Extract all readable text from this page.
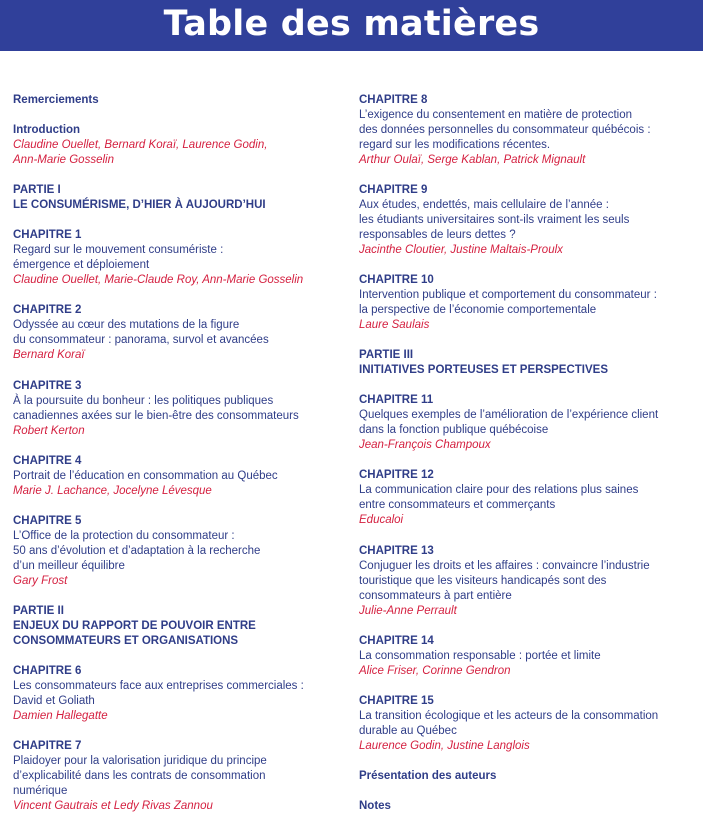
Table des matières
Remerciements
Introduction
Claudine Ouellet, Bernard Koraï, Laurence Godin,
Ann-Marie Gosselin
PARTIE I
LE CONSUMÉRISME, D’HIER À AUJOURD’HUI
CHAPITRE 1
Regard sur le mouvement consumériste :
émergence et déploiement
Claudine Ouellet, Marie-Claude Roy, Ann-Marie Gosselin
CHAPITRE 2
Odyssée au cœur des mutations de la figure
du consommateur : panorama, survol et avancées
Bernard Koraï
CHAPITRE 3
À la poursuite du bonheur : les politiques publiques
canadiennes axées sur le bien-être des consommateurs
Robert Kerton
CHAPITRE 4
Portrait de l’éducation en consommation au Québec
Marie J. Lachance, Jocelyne Lévesque
CHAPITRE 5
L’Office de la protection du consommateur :
50 ans d’évolution et d’adaptation à la recherche
d’un meilleur équilibre
Gary Frost
PARTIE II
ENJEUX DU RAPPORT DE POUVOIR ENTRE
CONSOMMATEURS ET ORGANISATIONS
CHAPITRE 6
Les consommateurs face aux entreprises commerciales :
David et Goliath
Damien Hallegatte
CHAPITRE 7
Plaidoyer pour la valorisation juridique du principe
d’explicabilité dans les contrats de consommation
numérique
Vincent Gautrais et Ledy Rivas Zannou
CHAPITRE 8
L’exigence du consentement en matière de protection
des données personnelles du consommateur québécois :
regard sur les modifications récentes.
Arthur Oulaï, Serge Kablan, Patrick Mignault
CHAPITRE 9
Aux études, endettés, mais cellulaire de l’année :
les étudiants universitaires sont-ils vraiment les seuls
responsables de leurs dettes ?
Jacinthe Cloutier, Justine Maltais-Proulx
CHAPITRE 10
Intervention publique et comportement du consommateur :
la perspective de l’économie comportementale
Laure Saulais
PARTIE III
INITIATIVES PORTEUSES ET PERSPECTIVES
CHAPITRE 11
Quelques exemples de l’amélioration de l’expérience client
dans la fonction publique québécoise
Jean-François Champoux
CHAPITRE 12
La communication claire pour des relations plus saines
entre consommateurs et commerçants
Educaloi
CHAPITRE 13
Conjuguer les droits et les affaires : convaincre l’industrie
touristique que les visiteurs handicapés sont des
consommateurs à part entière
Julie-Anne Perrault
CHAPITRE 14
La consommation responsable : portée et limite
Alice Friser, Corinne Gendron
CHAPITRE 15
La transition écologique et les acteurs de la consommation
durable au Québec
Laurence Godin, Justine Langlois
Présentation des auteurs
Notes
